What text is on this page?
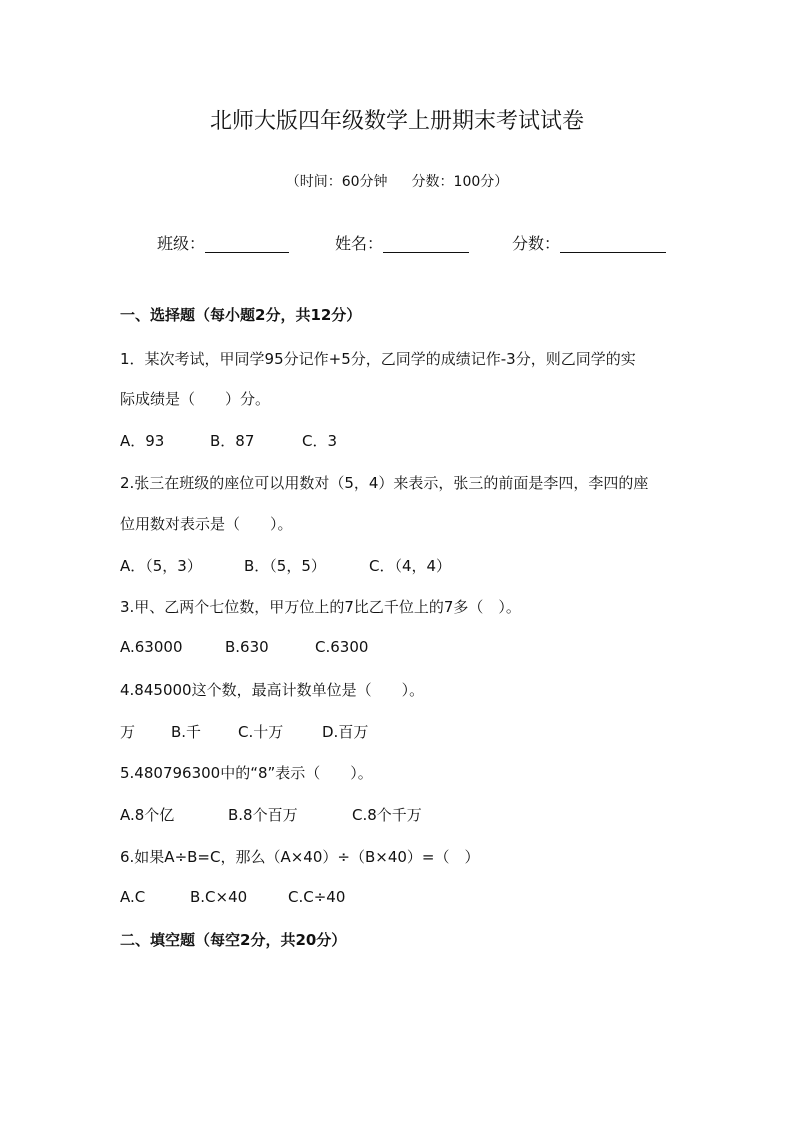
北师大版四年级数学上册期末考试试卷
（时间：60分钟 分数：100分）
班级：	姓名：	分数：
一、选择题（每小题2分，共12分）
1．某次考试，甲同学95分记作+5分，乙同学的成绩记作-3分，则乙同学的实
际成绩是（　　）分。
A．93	B．87	C．3
2.张三在班级的座位可以用数对（5，4）来表示，张三的前面是李四，李四的座
位用数对表示是（　　）。
A．（5，3）	B．（5，5）	C．（4，4）
3.甲、乙两个七位数，甲万位上的7比乙千位上的7多（　）。
A.63000	B.630	C.6300
4.845000这个数，最高计数单位是（　　）。
万 B.千 C.十万	D.百万
5.480796300中的“8”表示（　　）。
A.8个亿	B.8个百万	C.8个千万
6.如果A÷B=C，那么（A×40）÷（B×40）=（　）
A.C	B.C×40	C.C÷40
二、填空题（每空2分，共20分）
